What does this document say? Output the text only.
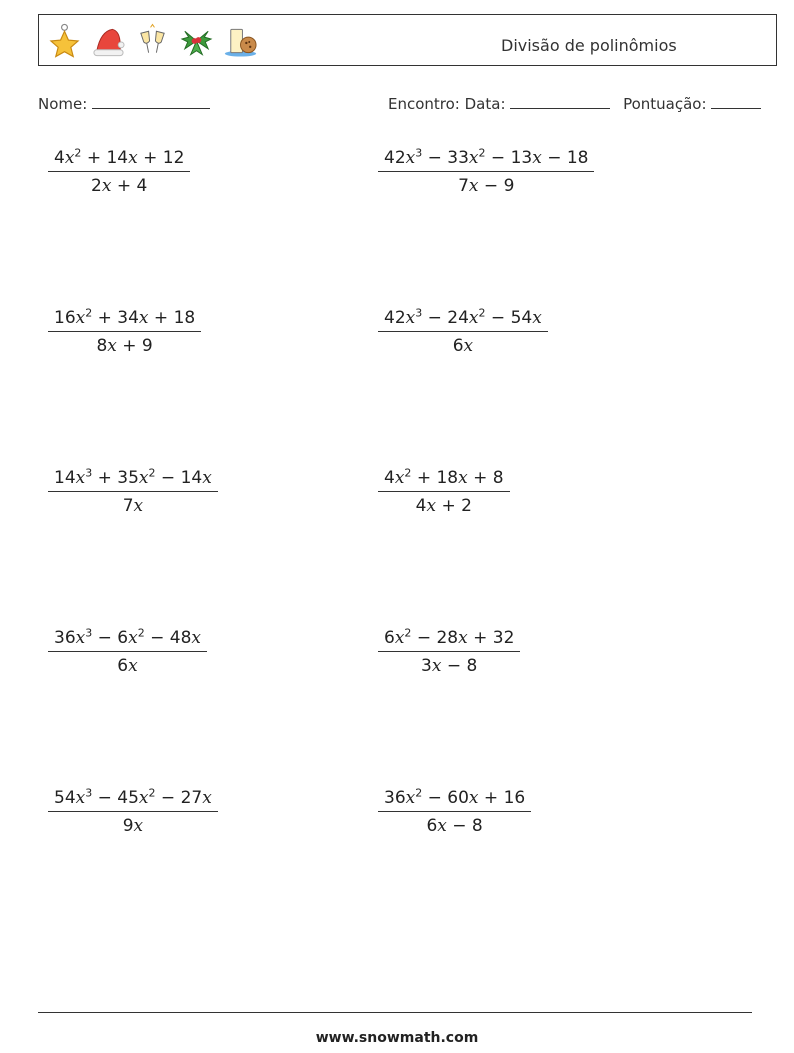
Divisão de polinômios
Nome:	Encontro: Data:	Pontuação:
$\frac{4x^2 + 14x + 12}{2x + 4}$	$\frac{42x^3 - 33x^2 - 13x - 18}{7x - 9}$
$\frac{16x^2 + 34x + 18}{8x + 9}$	$\frac{42x^3 - 24x^2 - 54x}{6x}$
$\frac{14x^3 + 35x^2 - 14x}{7x}$	$\frac{4x^2 + 18x + 8}{4x + 2}$
$\frac{36x^3 - 6x^2 - 48x}{6x}$	$\frac{6x^2 - 28x + 32}{3x - 8}$
$\frac{54x^3 - 45x^2 - 27x}{9x}$	$\frac{36x^2 - 60x + 16}{6x - 8}$
www.snowmath.com
